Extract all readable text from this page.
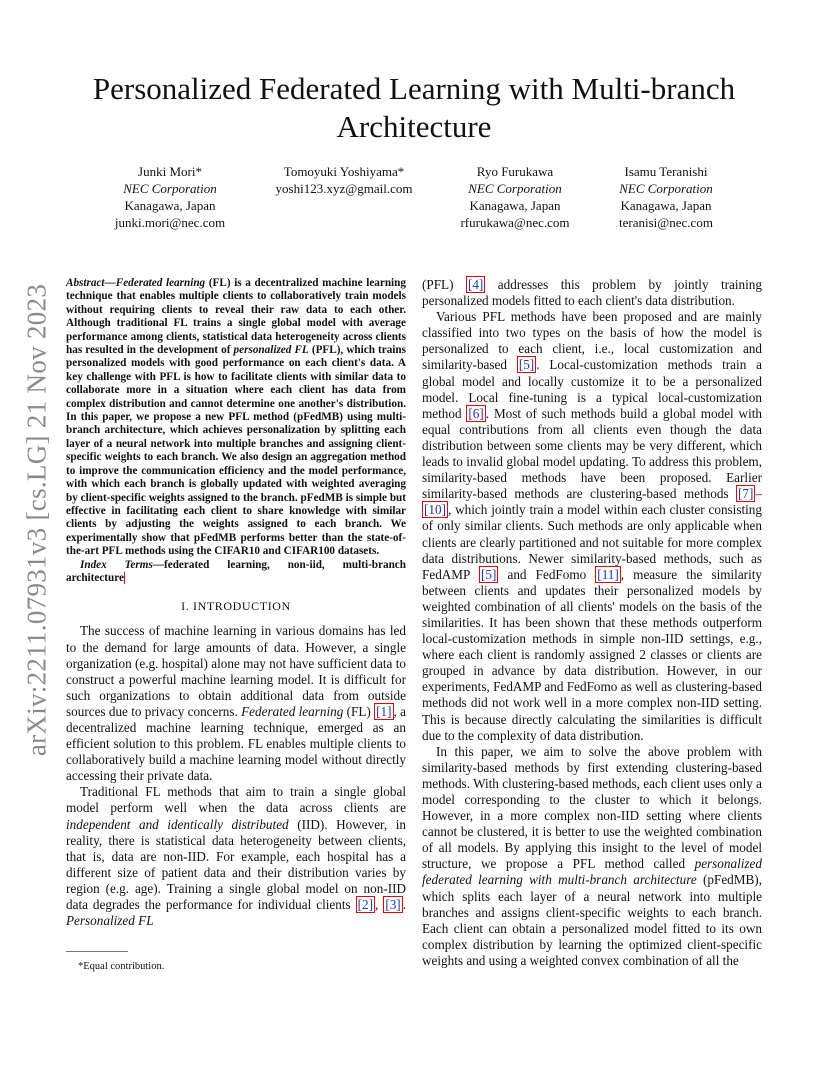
arXiv:2211.07931v3 [cs.LG] 21 Nov 2023
Personalized Federated Learning with Multi-branch Architecture
Junki Mori*
NEC Corporation
Kanagawa, Japan
junki.mori@nec.com
Tomoyuki Yoshiyama*
yoshi123.xyz@gmail.com
Ryo Furukawa
NEC Corporation
Kanagawa, Japan
rfurukawa@nec.com
Isamu Teranishi
NEC Corporation
Kanagawa, Japan
teranisi@nec.com
Abstract—Federated learning (FL) is a decentralized machine learning technique that enables multiple clients to collaboratively train models without requiring clients to reveal their raw data to each other. Although traditional FL trains a single global model with average performance among clients, statistical data heterogeneity across clients has resulted in the development of personalized FL (PFL), which trains personalized models with good performance on each client's data. A key challenge with PFL is how to facilitate clients with similar data to collaborate more in a situation where each client has data from complex distribution and cannot determine one another's distribution. In this paper, we propose a new PFL method (pFedMB) using multi-branch architecture, which achieves personalization by splitting each layer of a neural network into multiple branches and assigning client-specific weights to each branch. We also design an aggregation method to improve the communication efficiency and the model performance, with which each branch is globally updated with weighted averaging by client-specific weights assigned to the branch. pFedMB is simple but effective in facilitating each client to share knowledge with similar clients by adjusting the weights assigned to each branch. We experimentally show that pFedMB performs better than the state-of-the-art PFL methods using the CIFAR10 and CIFAR100 datasets.
Index Terms—federated learning, non-iid, multi-branch architecture
I. INTRODUCTION

The success of machine learning in various domains has led to the demand for large amounts of data. However, a single organization (e.g. hospital) alone may not have sufficient data to construct a powerful machine learning model. It is difficult for such organizations to obtain additional data from outside sources due to privacy concerns. Federated learning (FL) [1] , a decentralized machine learning technique, emerged as an efficient solution to this problem. FL enables multiple clients to collaboratively build a machine learning model without directly accessing their private data.

Traditional FL methods that aim to train a single global model perform well when the data across clients are independent and identically distributed (IID). However, in reality, there is statistical data heterogeneity between clients, that is, data are non-IID. For example, each hospital has a different size of patient data and their distribution varies by region (e.g. age). Training a single global model on non-IID data degrades the performance for individual clients [2] , [3] . Personalized FL

(PFL) [4] addresses this problem by jointly training personalized models fitted to each client's data distribution.

Various PFL methods have been proposed and are mainly classified into two types on the basis of how the model is personalized to each client, i.e., local customization and similarity-based [5] . Local-customization methods train a global model and locally customize it to be a personalized model. Local fine-tuning is a typical local-customization method [6] . Most of such methods build a global model with equal contributions from all clients even though the data distribution between some clients may be very different, which leads to invalid global model updating. To address this problem, similarity-based methods have been proposed. Earlier similarity-based methods are clustering-based methods [7] –[10] , which jointly train a model within each cluster consisting of only similar clients. Such methods are only applicable when clients are clearly partitioned and not suitable for more complex data distributions. Newer similarity-based methods, such as FedAMP [5] and FedFomo [11] , measure the similarity between clients and updates their personalized models by weighted combination of all clients' models on the basis of the similarities. It has been shown that these methods outperform local-customization methods in simple non-IID settings, e.g., where each client is randomly assigned 2 classes or clients are grouped in advance by data distribution. However, in our experiments, FedAMP and FedFomo as well as clustering-based methods did not work well in a more complex non-IID setting. This is because directly calculating the similarities is difficult due to the complexity of data distribution.

In this paper, we aim to solve the above problem with similarity-based methods by first extending clustering-based methods. With clustering-based methods, each client uses only a model corresponding to the cluster to which it belongs. However, in a more complex non-IID setting where clients cannot be clustered, it is better to use the weighted combination of all models. By applying this insight to the level of model structure, we propose a PFL method called personalized federated learning with multi-branch architecture (pFedMB), which splits each layer of a neural network into multiple branches and assigns client-specific weights to each branch. Each client can obtain a personalized model fitted to its own complex distribution by learning the optimized client-specific weights and using a weighted convex combination of all the

*Equal contribution.
